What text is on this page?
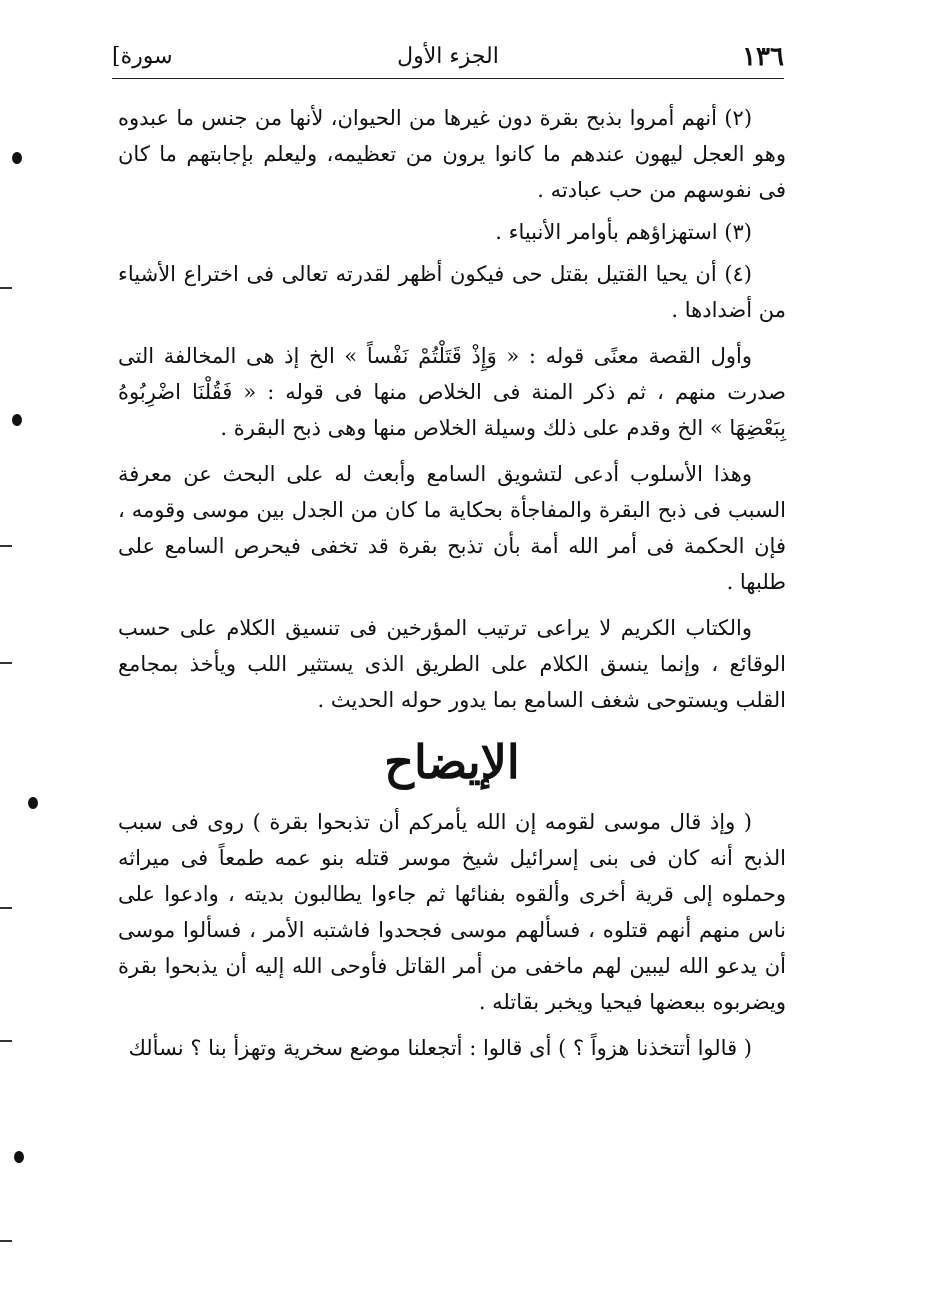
١٣٦
الجزء الأول
[سورة

(٢) أنهم أمروا بذبح بقرة دون غيرها من الحيوان، لأنها من جنس ما عبدوه وهو العجل ليهون عندهم ما كانوا يرون من تعظيمه، وليعلم بإجابتهم ما كان فى نفوسهم من حب عبادته .

(٣) استهزاؤهم بأوامر الأنبياء .

(٤) أن يحيا القتيل بقتل حى فيكون أظهر لقدرته تعالى فى اختراع الأشياء من أضدادها .

وأول القصة معنًى قوله : « وَإِذْ قَتَلْتُمْ نَفْساً » الخ إذ هى المخالفة التى صدرت منهم ، ثم ذكر المنة فى الخلاص منها فى قوله : « فَقُلْنَا اضْرِبُوهُ بِبَعْضِهَا » الخ وقدم على ذلك وسيلة الخلاص منها وهى ذبح البقرة .

وهذا الأسلوب أدعى لتشويق السامع وأبعث له على البحث عن معرفة السبب فى ذبح البقرة والمفاجأة بحكاية ما كان من الجدل بين موسى وقومه ، فإن الحكمة فى أمر الله أمة بأن تذبح بقرة قد تخفى فيحرص السامع على طلبها .

والكتاب الكريم لا يراعى ترتيب المؤرخين فى تنسيق الكلام على حسب الوقائع ، وإنما ينسق الكلام على الطريق الذى يستثير اللب ويأخذ بمجامع القلب ويستوحى شغف السامع بما يدور حوله الحديث .

الإيضاح

( وإذ قال موسى لقومه إن الله يأمركم أن تذبحوا بقرة ) روى فى سبب الذبح أنه كان فى بنى إسرائيل شيخ موسر قتله بنو عمه طمعاً فى ميراثه وحملوه إلى قرية أخرى وألقوه بفنائها ثم جاءوا يطالبون بديته ، وادعوا على ناس منهم أنهم قتلوه ، فسألهم موسى فجحدوا فاشتبه الأمر ، فسألوا موسى أن يدعو الله ليبين لهم ماخفى من أمر القاتل فأوحى الله إليه أن يذبحوا بقرة ويضربوه ببعضها فيحيا ويخبر بقاتله .

( قالوا أتتخذنا هزواً ؟ ) أى قالوا : أتجعلنا موضع سخرية وتهزأ بنا ؟ نسألك
